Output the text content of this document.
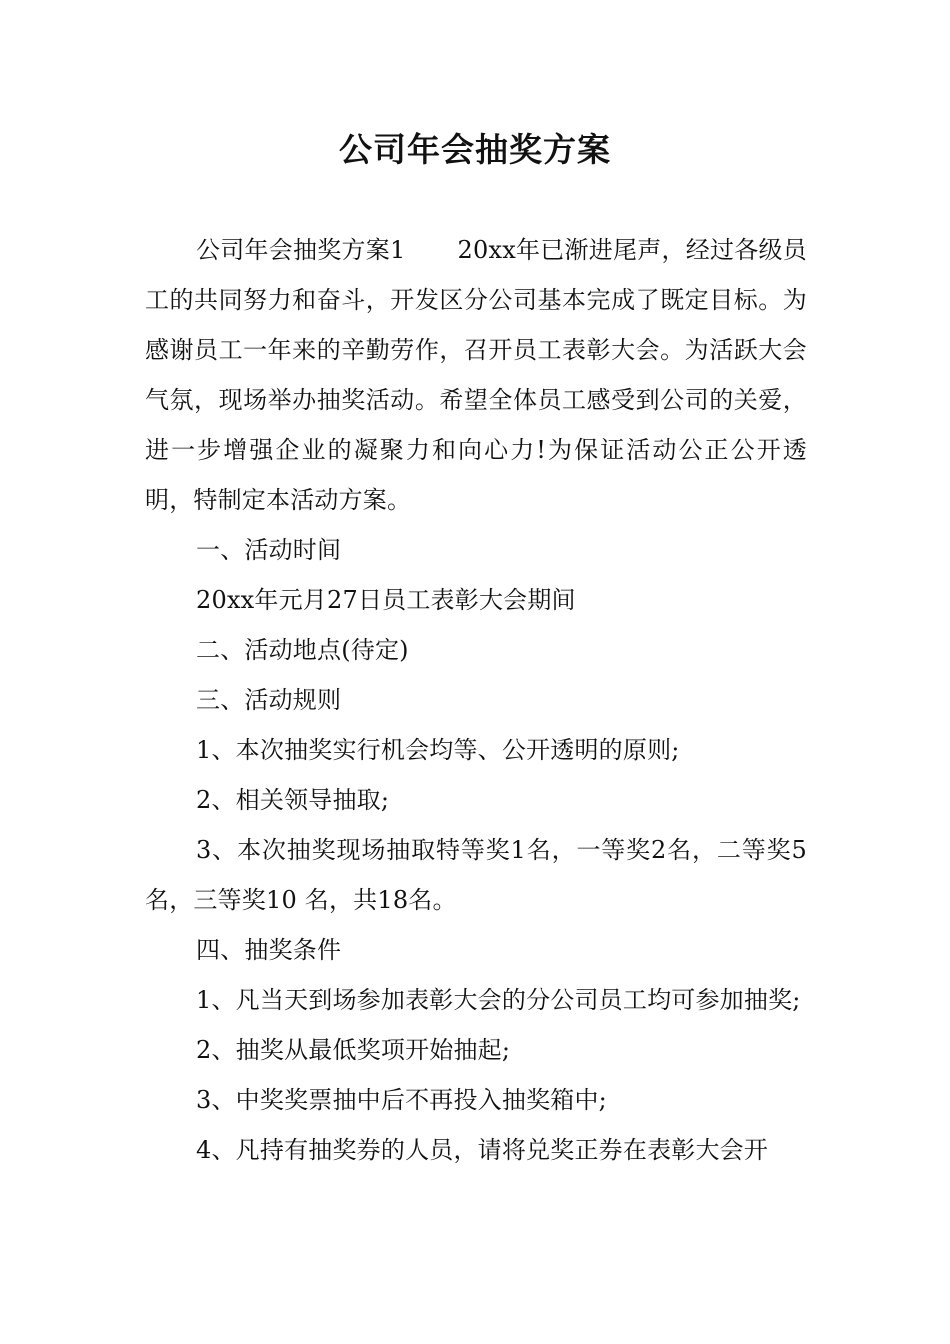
公司年会抽奖方案

公司年会抽奖方案1 20xx年已渐进尾声，经过各级员工的共同努力和奋斗，开发区分公司基本完成了既定目标。为感谢员工一年来的辛勤劳作，召开员工表彰大会。为活跃大会气氛，现场举办抽奖活动。希望全体员工感受到公司的关爱，进一步增强企业的凝聚力和向心力!为保证活动公正公开透明，特制定本活动方案。

一、活动时间

20xx年元月27日员工表彰大会期间

二、活动地点(待定)

三、活动规则

1、本次抽奖实行机会均等、公开透明的原则;

2、相关领导抽取;

3、本次抽奖现场抽取特等奖1名，一等奖2名，二等奖5名，三等奖10 名，共18名。

四、抽奖条件

1、凡当天到场参加表彰大会的分公司员工均可参加抽奖;

2、抽奖从最低奖项开始抽起;

3、中奖奖票抽中后不再投入抽奖箱中;

4、凡持有抽奖券的人员，请将兑奖正券在表彰大会开
